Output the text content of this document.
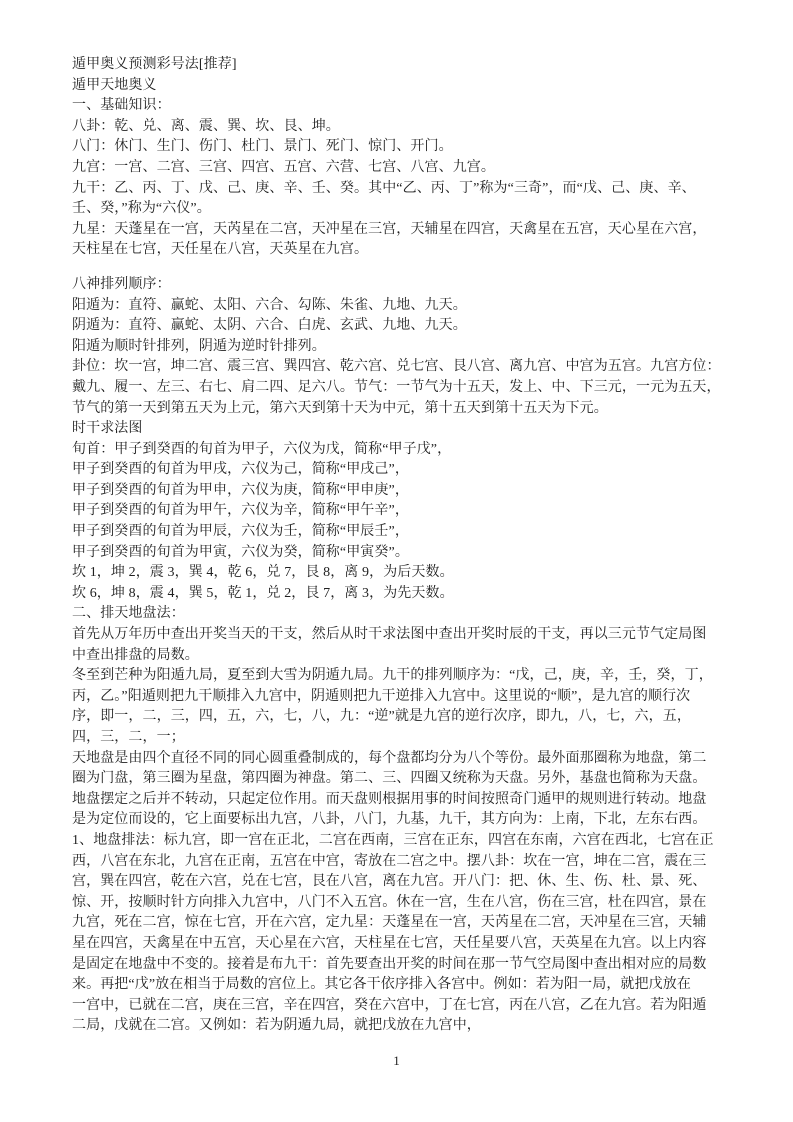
遁甲奥义预测彩号法[推荐]
遁甲天地奥义
一、基础知识：
八卦：乾、兑、离、震、巽、坎、艮、坤。
八门：休门、生门、伤门、杜门、景门、死门、惊门、开门。
九宫：一宫、二宫、三宫、四宫、五宫、六营、七宫、八宫、九宫。
九干：乙、丙、丁、戊、己、庚、辛、壬、癸。其中“乙、丙、丁”称为“三奇”，而“戊、己、庚、辛、
壬、癸，”称为“六仪”。
九星：天蓬星在一宫，天芮星在二宫，天冲星在三宫，天辅星在四宫，天禽星在五宫，天心星在六宫，
天柱星在七宫，天任星在八宫，天英星在九宫。
八神排列顺序：
阳遁为：直符、赢蛇、太阳、六合、勾陈、朱雀、九地、九天。
阴遁为：直符、赢蛇、太阴、六合、白虎、玄武、九地、九天。
阳遁为顺时针排列，阴遁为逆时针排列。
卦位：坎一宫，坤二宫、震三宫、巽四宫、乾六宫、兑七宫、艮八宫、离九宫、中宫为五宫。九宫方位：
戴九、履一、左三、右七、肩二四、足六八。节气：一节气为十五天，发上、中、下三元，一元为五天，
节气的第一天到第五天为上元，第六天到第十天为中元，第十五天到第十五天为下元。
时干求法图
旬首：甲子到癸酉的旬首为甲子，六仪为戊，简称“甲子戊”，
甲子到癸酉的旬首为甲戌，六仪为己，简称“甲戌己”，
甲子到癸酉的旬首为甲申，六仪为庚，简称“甲申庚”，
甲子到癸酉的旬首为甲午，六仪为辛，简称“甲午辛”，
甲子到癸酉的旬首为甲辰，六仪为壬，简称“甲辰壬”，
甲子到癸酉的旬首为甲寅，六仪为癸，简称“甲寅癸”。
坎 1，坤 2，震 3，巽 4，乾 6，兑 7，艮 8，离 9，为后天数。
坎 6，坤 8，震 4，巽 5，乾 1，兑 2，艮 7，离 3，为先天数。
二、排天地盘法：
首先从万年历中查出开奖当天的干支，然后从时干求法图中查出开奖时辰的干支，再以三元节气定局图
中查出排盘的局数。
冬至到芒种为阳遁九局，夏至到大雪为阴遁九局。九干的排列顺序为：“戊，己，庚，辛，壬，癸，丁，
丙，乙。”阳遁则把九干顺排入九宫中，阴遁则把九干逆排入九宫中。这里说的“顺”，是九宫的顺行次
序，即一，二，三，四，五，六，七，八，九：“逆”就是九宫的逆行次序，即九，八，七，六，五，
四，三，二，一；
天地盘是由四个直径不同的同心圆重叠制成的，每个盘都均分为八个等份。最外面那圈称为地盘，第二
圈为门盘，第三圈为星盘，第四圈为神盘。第二、三、四圈又统称为天盘。另外，基盘也简称为天盘。
地盘摆定之后并不转动，只起定位作用。而天盘则根据用事的时间按照奇门遁甲的规则进行转动。地盘
是为定位而设的，它上面要标出九宫，八卦，八门，九基，九干，其方向为：上南，下北，左东右西。
1、地盘排法：标九宫，即一宫在正北，二宫在西南，三宫在正东，四宫在东南，六宫在西北，七宫在正
西，八宫在东北，九宫在正南，五宫在中宫，寄放在二宫之中。摆八卦：坎在一宫，坤在二宫，震在三
宫，巽在四宫，乾在六宫，兑在七宫，艮在八宫，离在九宫。开八门：把、休、生、伤、杜、景、死、
惊、开，按顺时针方向排入九宫中，八门不入五宫。休在一宫，生在八宫，伤在三宫，杜在四宫，景在
九宫，死在二宫，惊在七宫，开在六宫，定九星：天蓬星在一宫，天芮星在二宫，天冲星在三宫，天辅
星在四宫，天禽星在中五宫，天心星在六宫，天柱星在七宫，天任星要八宫，天英星在九宫。以上内容
是固定在地盘中不变的。接着是布九干：首先要查出开奖的时间在那一节气空局图中查出相对应的局数
来。再把“戊”放在相当于局数的宫位上。其它各干依序排入各宫中。例如：若为阳一局，就把戊放在
一宫中，已就在二宫，庚在三宫，辛在四宫，癸在六宫中，丁在七宫，丙在八宫，乙在九宫。若为阳遁
二局，戊就在二宫。又例如：若为阴遁九局，就把戊放在九宫中，
1
